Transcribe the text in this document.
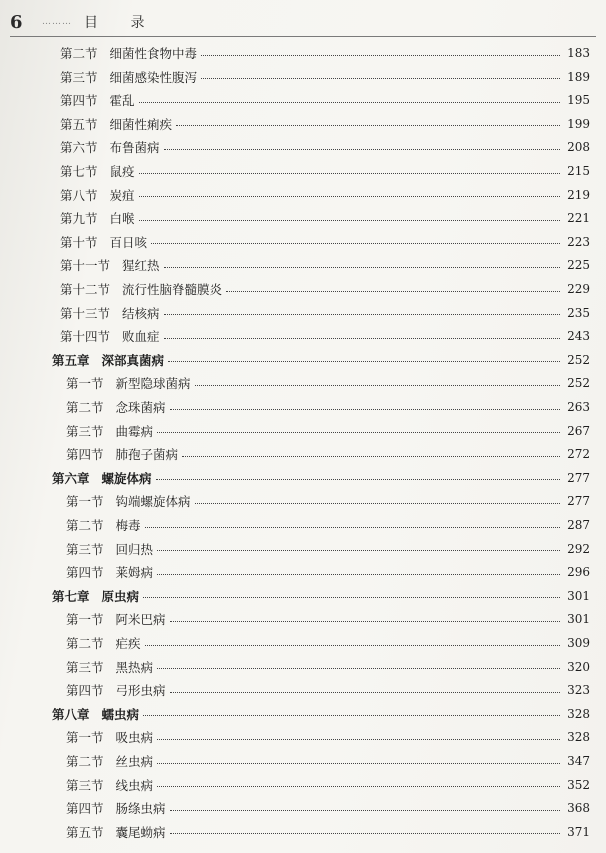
6	……… 目 录
第二节 细菌性食物中毒	183
第三节 细菌感染性腹泻	189
第四节 霍乱	195
第五节 细菌性痢疾	199
第六节 布鲁菌病	208
第七节 鼠疫	215
第八节 炭疽	219
第九节 白喉	221
第十节 百日咳	223
第十一节 猩红热	225
第十二节 流行性脑脊髓膜炎	229
第十三节 结核病	235
第十四节 败血症	243
第五章 深部真菌病	252
第一节 新型隐球菌病	252
第二节 念珠菌病	263
第三节 曲霉病	267
第四节 肺孢子菌病	272
第六章 螺旋体病	277
第一节 钩端螺旋体病	277
第二节 梅毒	287
第三节 回归热	292
第四节 莱姆病	296
第七章 原虫病	301
第一节 阿米巴病	301
第二节 疟疾	309
第三节 黑热病	320
第四节 弓形虫病	323
第八章 蠕虫病	328
第一节 吸虫病	328
第二节 丝虫病	347
第三节 线虫病	352
第四节 肠绦虫病	368
第五节 囊尾蚴病	371
